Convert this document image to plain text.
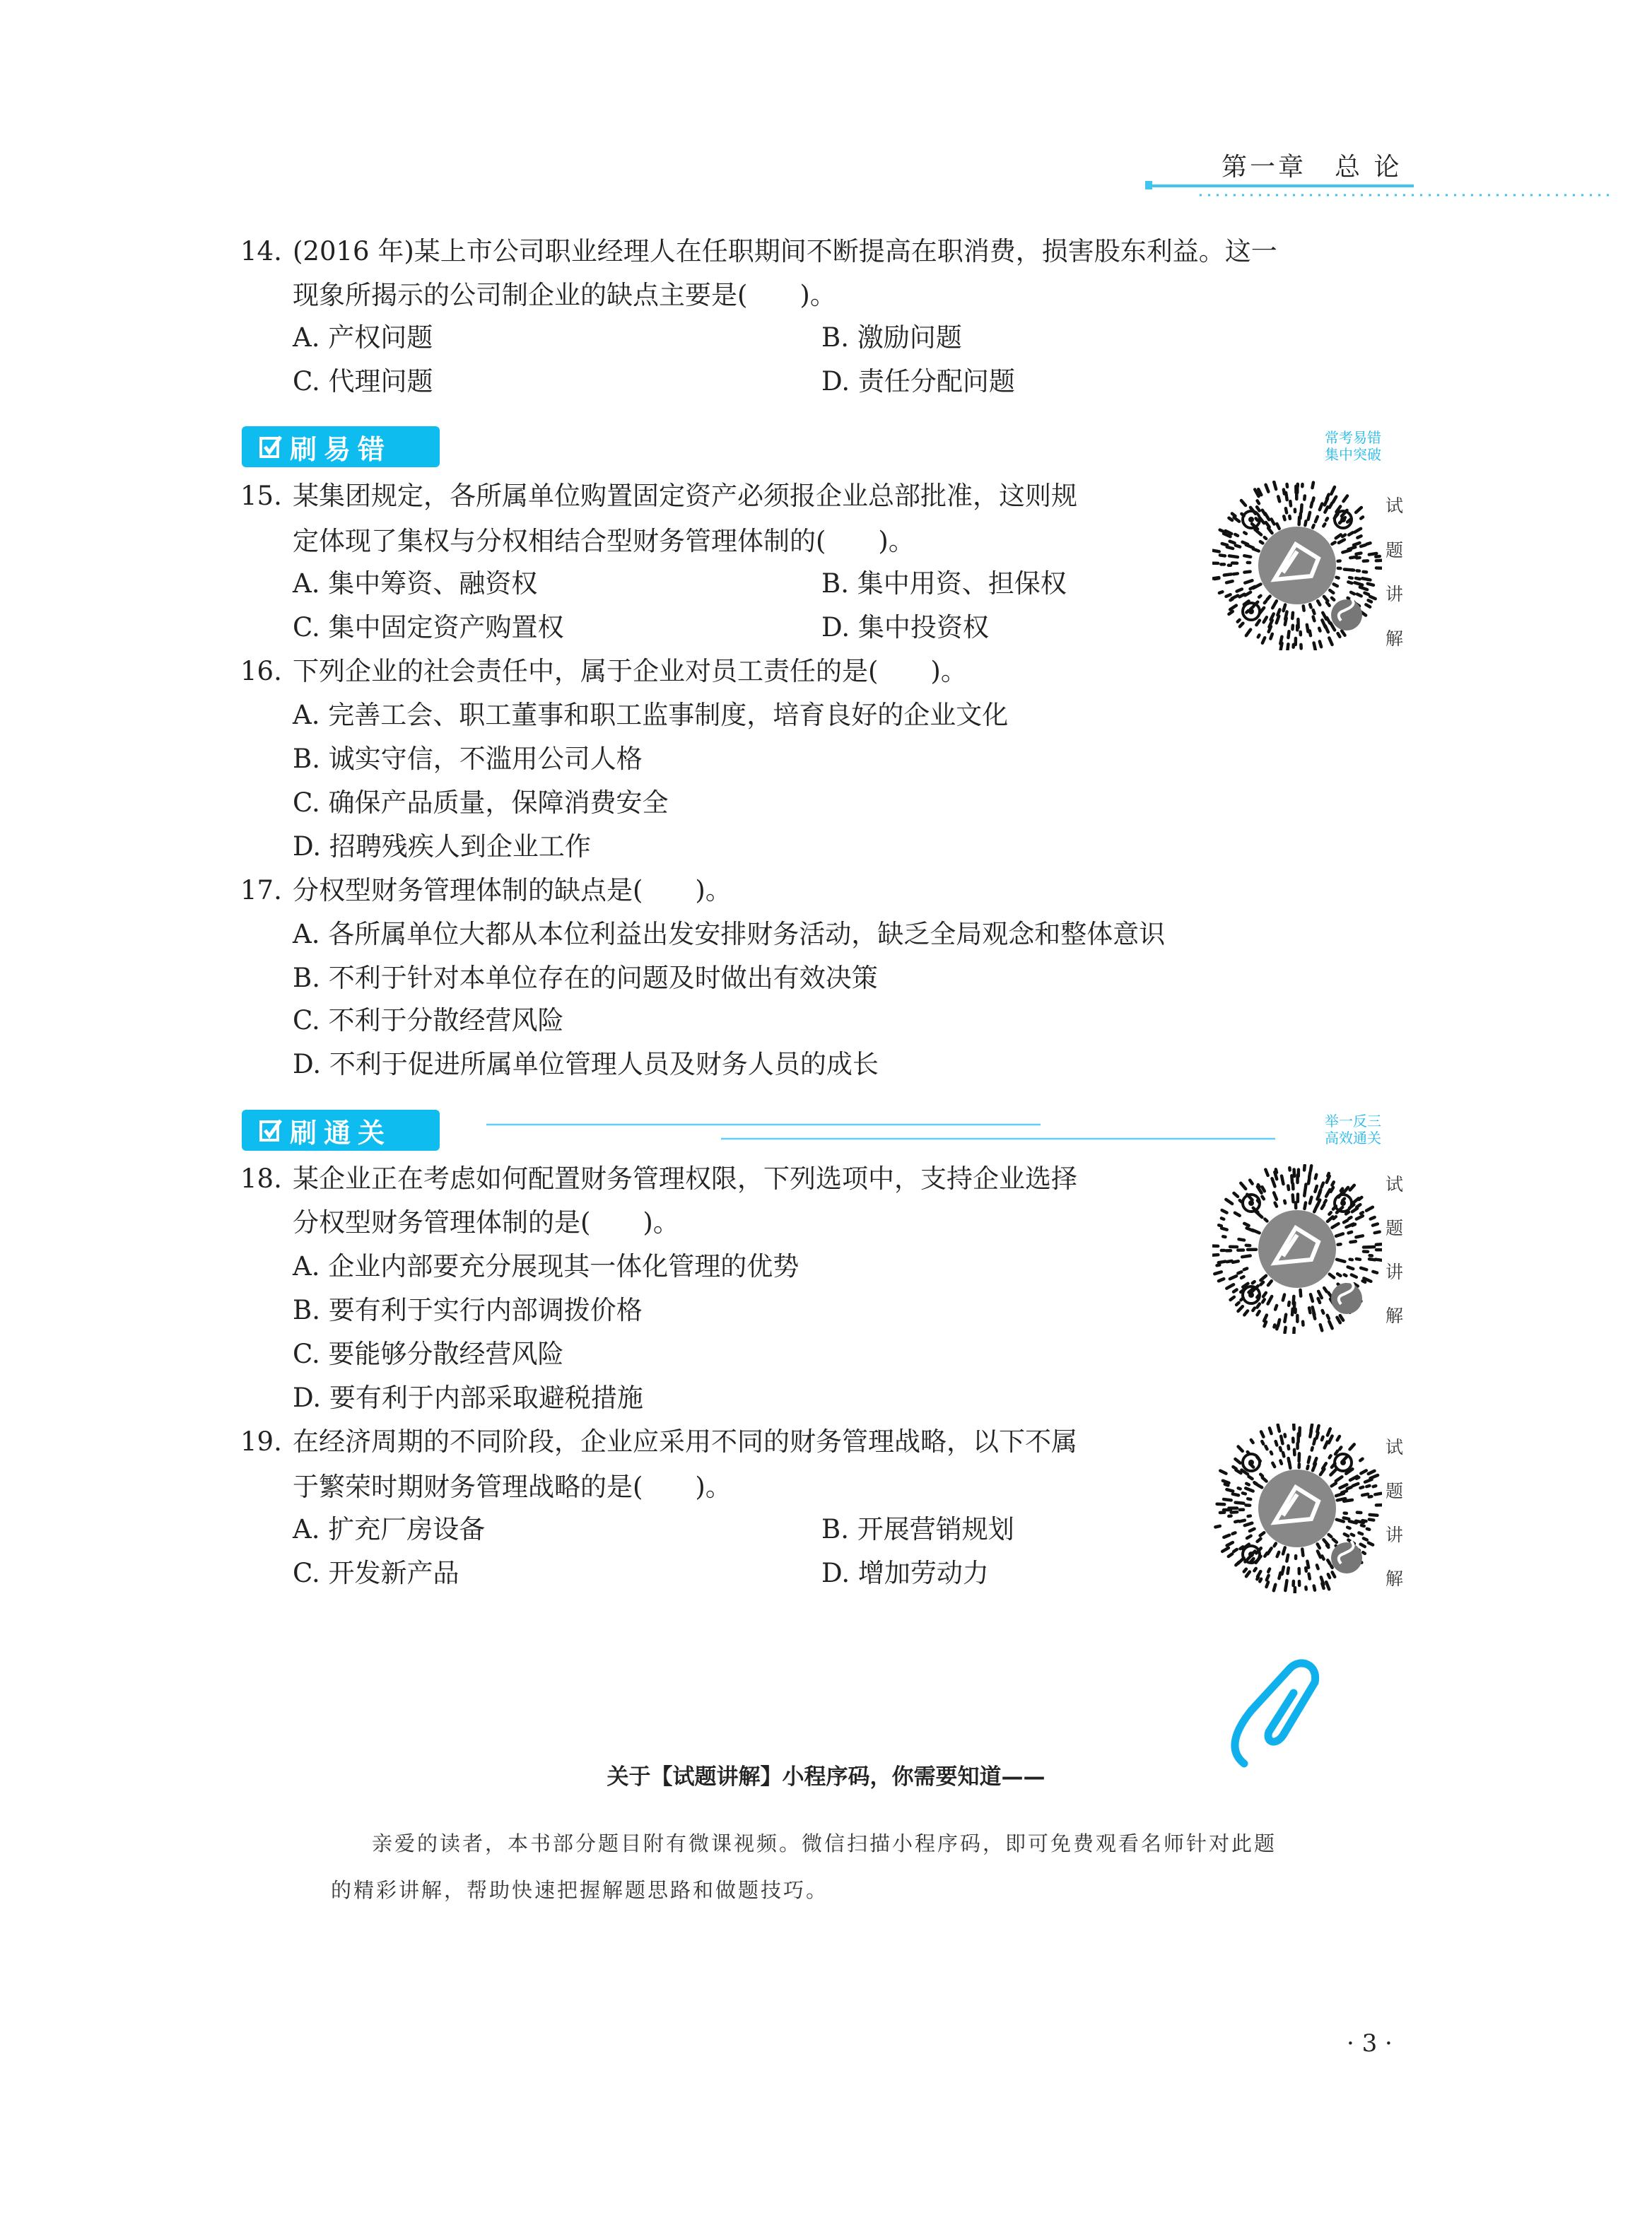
第一章　总 论
刷易错	常考易错
集中突破
刷通关	举一反三
高效通关
14. (2016 年)某上市公司职业经理人在任职期间不断提高在职消费，损害股东利益。这一
现象所揭示的公司制企业的缺点主要是(　　)。
A. 产权问题	B. 激励问题
C. 代理问题	D. 责任分配问题
15. 某集团规定，各所属单位购置固定资产必须报企业总部批准，这则规
定体现了集权与分权相结合型财务管理体制的(　　)。
A. 集中筹资、融资权	B. 集中用资、担保权
C. 集中固定资产购置权	D. 集中投资权
试
题
讲
解
16. 下列企业的社会责任中，属于企业对员工责任的是(　　)。
A. 完善工会、职工董事和职工监事制度，培育良好的企业文化
B. 诚实守信，不滥用公司人格
C. 确保产品质量，保障消费安全
D. 招聘残疾人到企业工作
17. 分权型财务管理体制的缺点是(　　)。
A. 各所属单位大都从本位利益出发安排财务活动，缺乏全局观念和整体意识
B. 不利于针对本单位存在的问题及时做出有效决策
C. 不利于分散经营风险
D. 不利于促进所属单位管理人员及财务人员的成长
18. 某企业正在考虑如何配置财务管理权限，下列选项中，支持企业选择
分权型财务管理体制的是(　　)。
A. 企业内部要充分展现其一体化管理的优势
B. 要有利于实行内部调拨价格
C. 要能够分散经营风险
D. 要有利于内部采取避税措施
试
题
讲
解
19. 在经济周期的不同阶段，企业应采用不同的财务管理战略，以下不属
于繁荣时期财务管理战略的是(　　)。
A. 扩充厂房设备	B. 开展营销规划
C. 开发新产品	D. 增加劳动力
试
题
讲
解
关于【试题讲解】小程序码，你需要知道——
亲爱的读者，本书部分题目附有微课视频。微信扫描小程序码，即可免费观看名师针对此题
的精彩讲解，帮助快速把握解题思路和做题技巧。
· 3 ·
